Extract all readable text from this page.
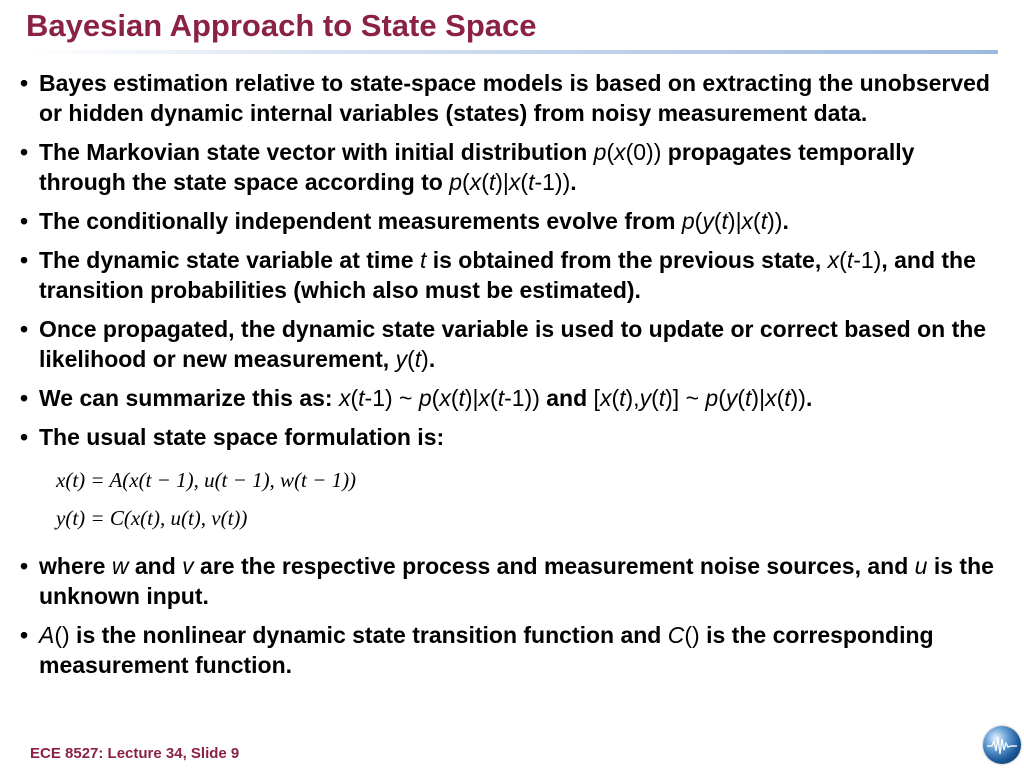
Bayesian Approach to State Space
• Bayes estimation relative to state-space models is based on extracting the unobserved or hidden dynamic internal variables (states) from noisy measurement data.
• The Markovian state vector with initial distribution p(x(0)) propagates temporally through the state space according to p(x(t)|x(t-1)).
• The conditionally independent measurements evolve from p(y(t)|x(t)).
• The dynamic state variable at time t is obtained from the previous state, x(t-1), and the transition probabilities (which also must be estimated).
• Once propagated, the dynamic state variable is used to update or correct based on the likelihood or new measurement, y(t).
• We can summarize this as: x(t-1) ~ p(x(t)|x(t-1)) and [x(t),y(t)] ~ p(y(t)|x(t)).
• The usual state space formulation is:
x(t) = A(x(t − 1), u(t − 1), w(t − 1))
y(t) = C(x(t), u(t), v(t))
• where w and v are the respective process and measurement noise sources, and u is the unknown input.
• A() is the nonlinear dynamic state transition function and C() is the corresponding measurement function.
ECE 8527: Lecture 34, Slide 9
